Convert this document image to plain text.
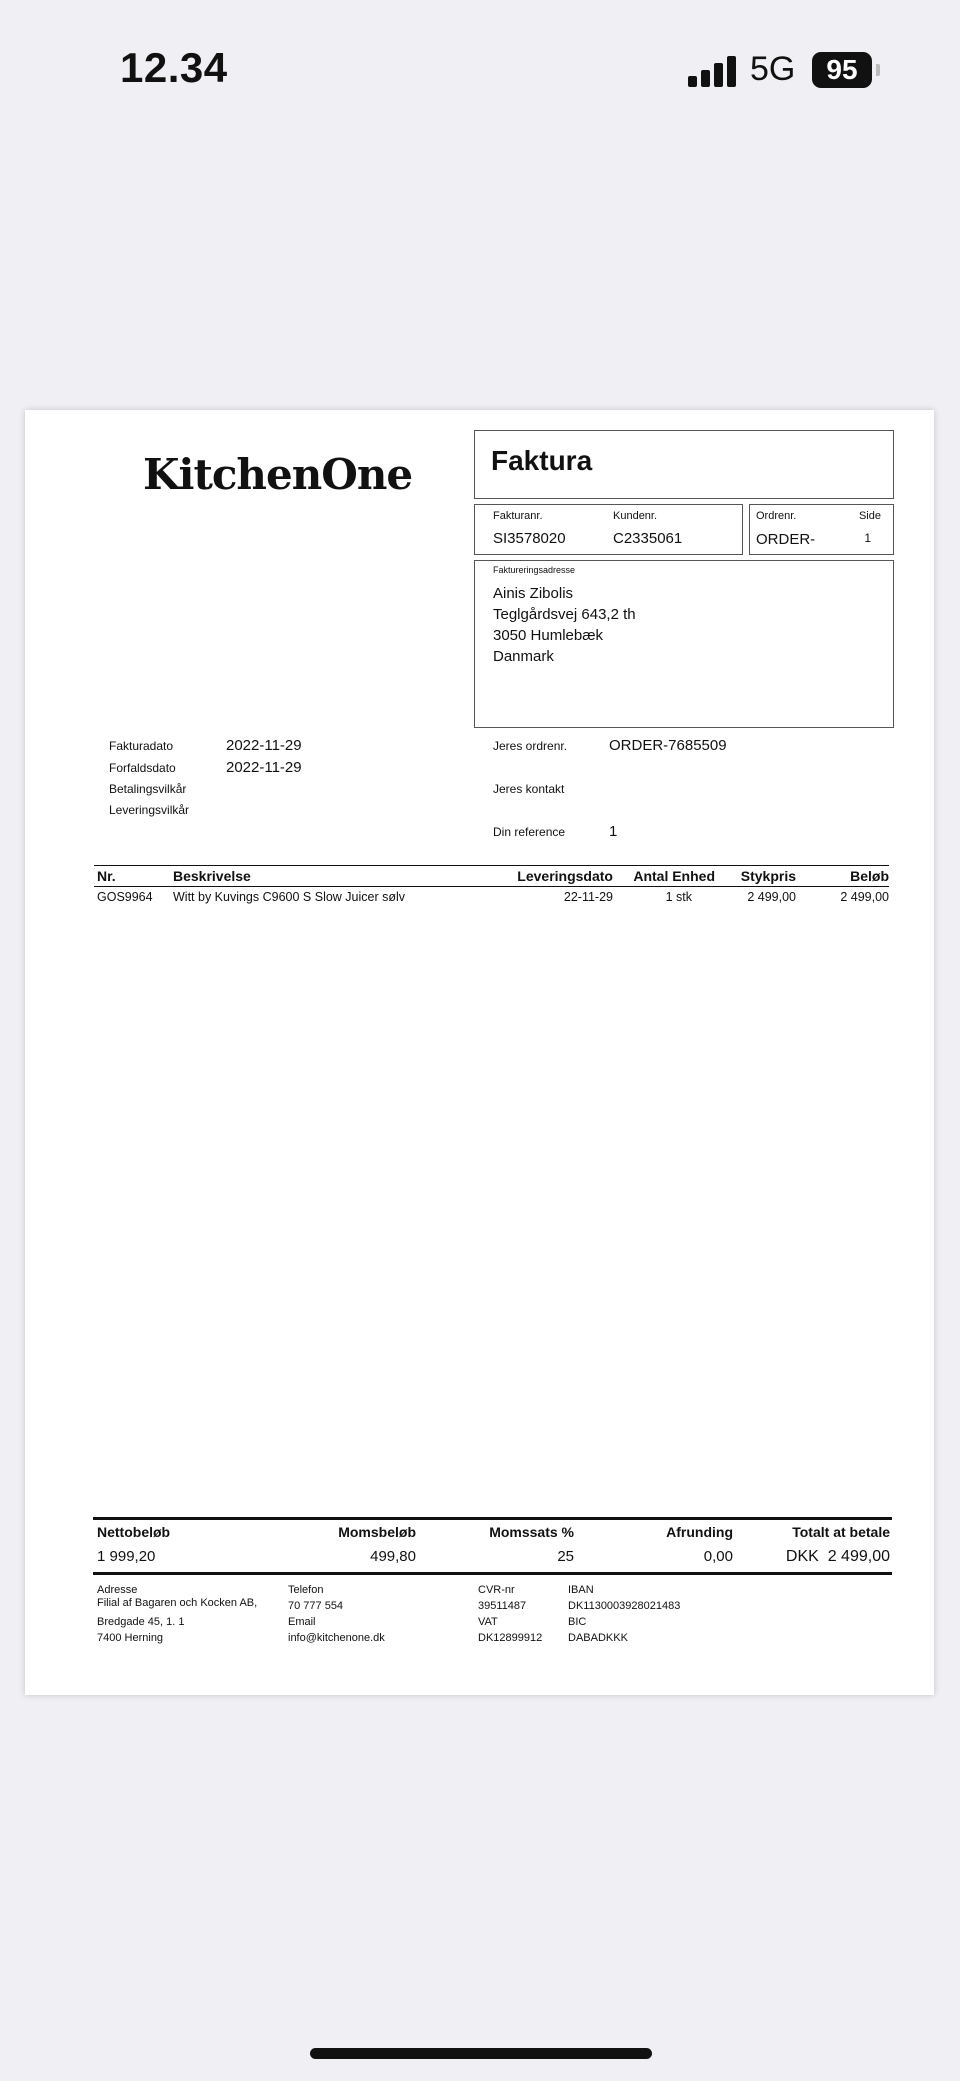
12.34	5G	95
KitchenOne	Faktura
Fakturanr.
SI3578020
Kundenr.
C2335061
Ordrenr.
ORDER-
Side
1
Faktureringsadresse
Ainis Zibolis
Teglgårdsvej 643,2 th
3050 Humlebæk
Danmark
Fakturadato	2022-11-29
Forfaldsdato	2022-11-29
Betalingsvilkår
Leveringsvilkår
Jeres ordrenr.	ORDER-7685509
Jeres kontakt
Din reference	1
Nr.	Beskrivelse	Leveringsdato	Antal Enhed	Stykpris	Beløb
GOS9964 Witt by Kuvings C9600 S Slow Juicer sølv	22-11-29	1 stk	2 499,00	2 499,00
Nettobeløb	Momsbeløb	Momssats %	Afrunding	Totalt at betale
1 999,20	499,80	25	0,00	DKK  2 499,00
Adresse
Filial af Bagaren och Kocken AB,
Bredgade 45, 1. 1
7400 Herning
Telefon
70 777 554
Email
info@kitchenone.dk
CVR-nr
39511487
VAT
DK12899912
IBAN
DK1130003928021483
BIC
DABADKKK
